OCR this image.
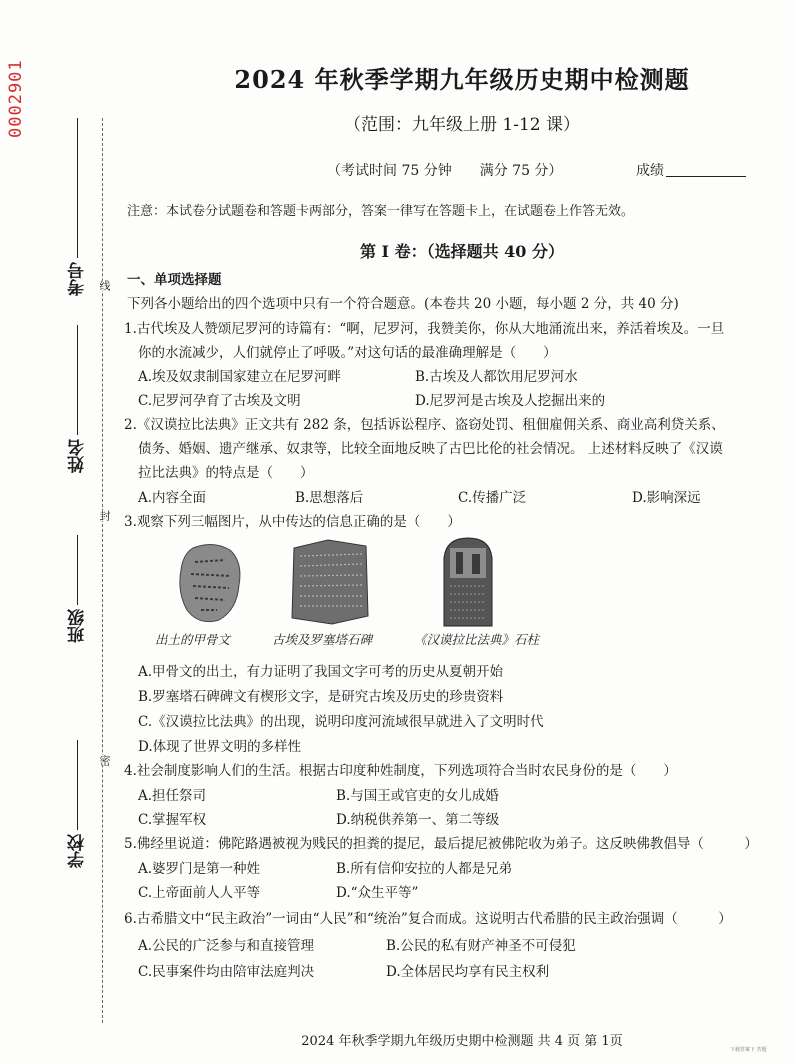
0002901
线
封
密
考号
姓名
班级
学校
2024 年秋季学期九年级历史期中检测题
（范围：九年级上册 1-12 课）
（考试时间 75 分钟　　满分 75 分）	成绩
注意：本试卷分试题卷和答题卡两部分，答案一律写在答题卡上，在试题卷上作答无效。
第 I 卷：（选择题共 40 分）
一、单项选择题
下列各小题给出的四个选项中只有一个符合题意。(本卷共 20 小题，每小题 2 分，共 40 分)
1.古代埃及人赞颂尼罗河的诗篇有：“啊，尼罗河，我赞美你，你从大地涌流出来，养活着埃及。一旦
你的水流减少，人们就停止了呼吸。”对这句话的最准确理解是（　　）
A.埃及奴隶制国家建立在尼罗河畔	B.古埃及人都饮用尼罗河水
C.尼罗河孕育了古埃及文明	D.尼罗河是古埃及人挖掘出来的
2.《汉谟拉比法典》正文共有 282 条，包括诉讼程序、盗窃处罚、租佃雇佣关系、商业高利贷关系、
债务、婚姻、遗产继承、奴隶等，比较全面地反映了古巴比伦的社会情况。 上述材料反映了《汉谟
拉比法典》的特点是（　　）
A.内容全面	B.思想落后	C.传播广泛	D.影响深远
3.观察下列三幅图片，从中传达的信息正确的是（　　）
出土的甲骨文	古埃及罗塞塔石碑	《汉谟拉比法典》石柱
A.甲骨文的出土，有力证明了我国文字可考的历史从夏朝开始
B.罗塞塔石碑碑文有楔形文字，是研究古埃及历史的珍贵资料
C.《汉谟拉比法典》的出现，说明印度河流域很早就进入了文明时代
D.体现了世界文明的多样性
4.社会制度影响人们的生活。根据古印度种姓制度，下列选项符合当时农民身份的是（　　）
A.担任祭司	B.与国王或官吏的女儿成婚
C.掌握军权	D.纳税供养第一、第二等级
5.佛经里说道：佛陀路遇被视为贱民的担粪的提尼，最后提尼被佛陀收为弟子。这反映佛教倡导（　　　）
A.婆罗门是第一种姓	B.所有信仰安拉的人都是兄弟
C.上帝面前人人平等	D.“众生平等”
6.古希腊文中“民主政治”一词由“人民”和“统治”复合而成。这说明古代希腊的民主政治强调（　　　）
A.公民的广泛参与和直接管理	B.公民的私有财产神圣不可侵犯
C.民事案件均由陪审法庭判决	D.全体居民均享有民主权利
2024 年秋季学期九年级历史期中检测题 共 4 页 第 1页
下载答案下 答题
